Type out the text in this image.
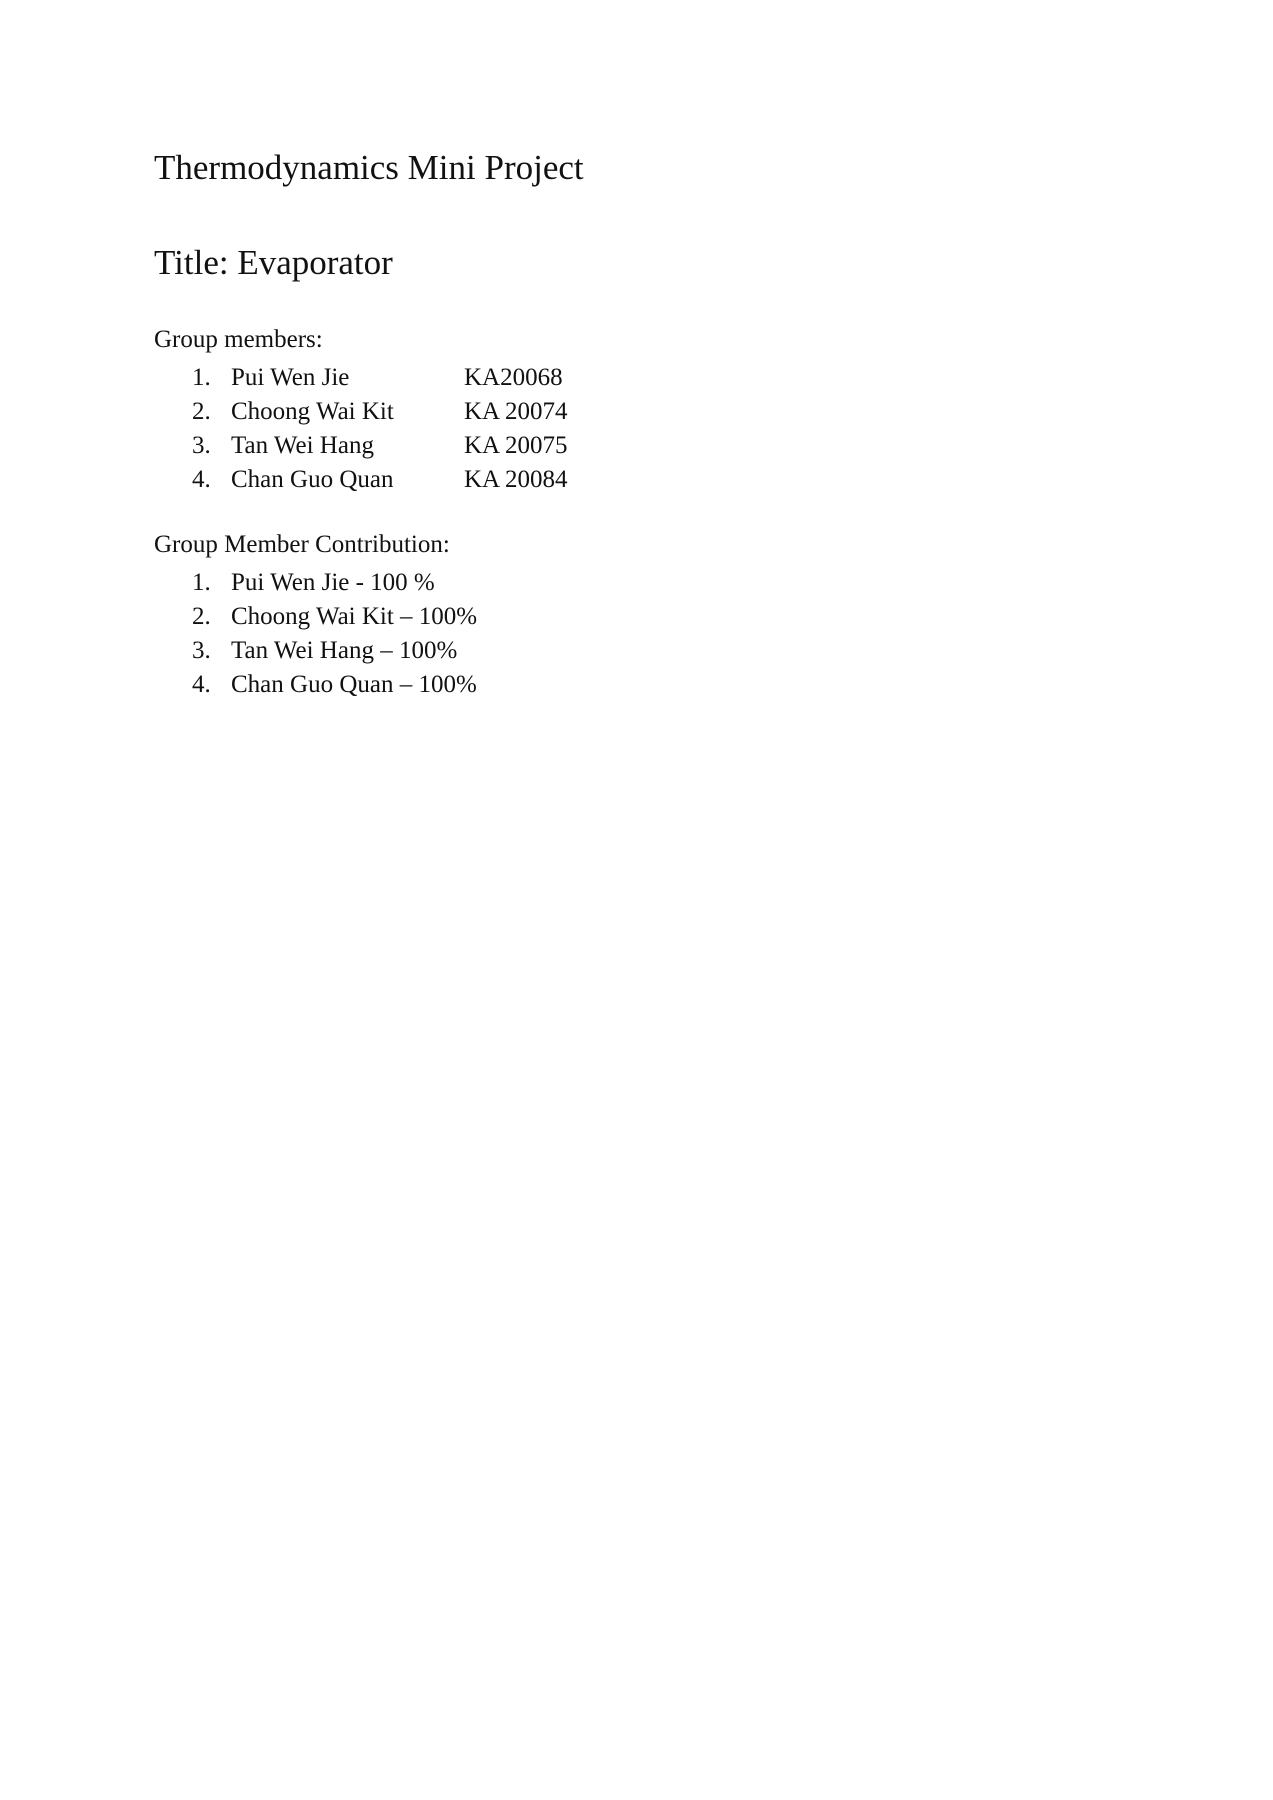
Thermodynamics Mini Project
Title: Evaporator
Group members:
1. Pui Wen Jie	KA20068
2. Choong Wai Kit	KA 20074
3. Tan Wei Hang	KA 20075
4. Chan Guo Quan	KA 20084
Group Member Contribution:
1. Pui Wen Jie - 100 %
2. Choong Wai Kit – 100%
3. Tan Wei Hang – 100%
4. Chan Guo Quan – 100%
